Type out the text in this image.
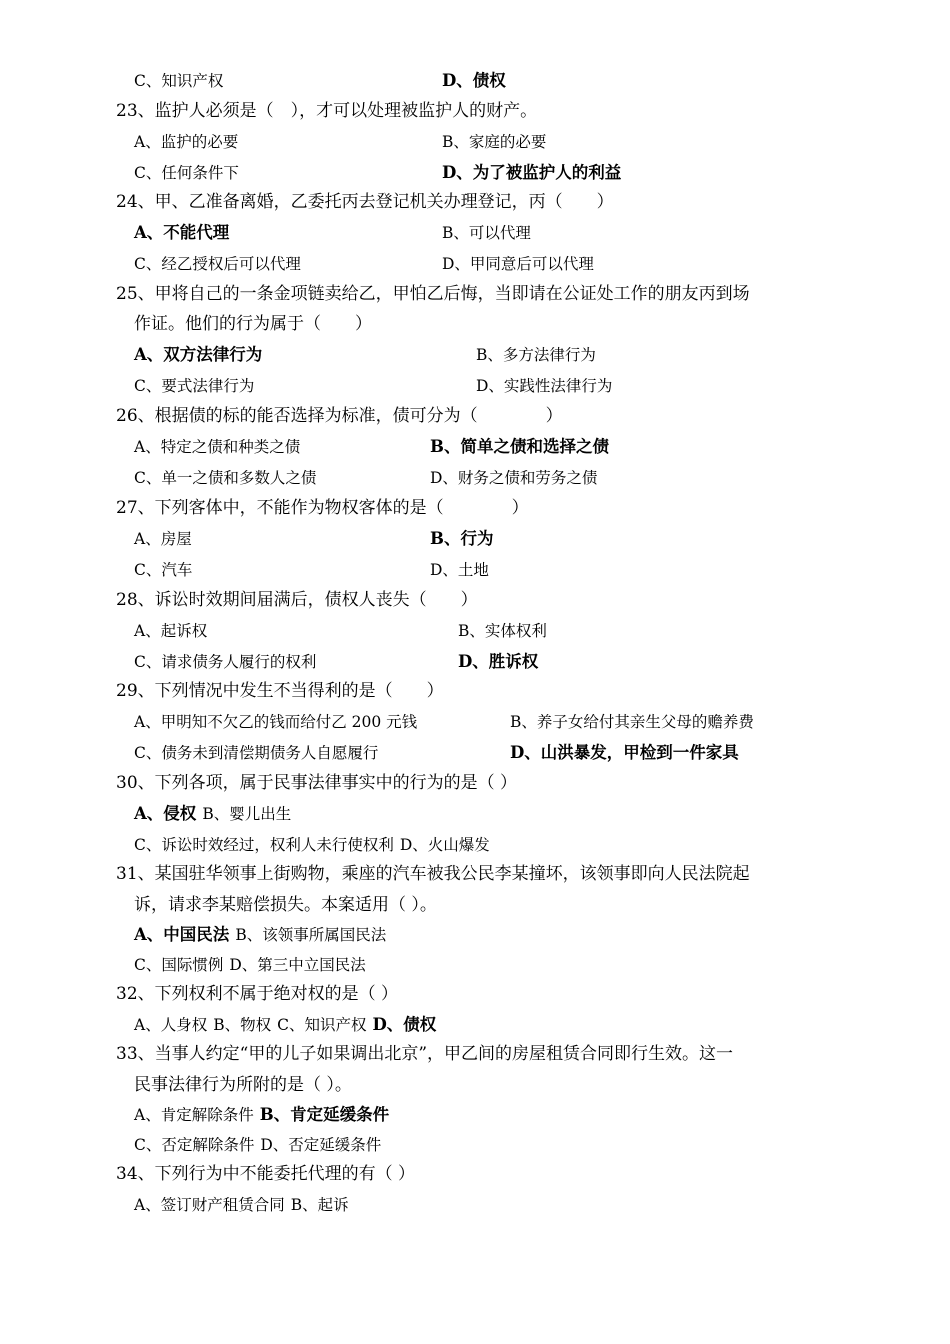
C、知识产权	D、债权
23、监护人必须是（　），才可以处理被监护人的财产。
A、监护的必要	B、家庭的必要
C、任何条件下	D、为了被监护人的利益
24、甲、乙准备离婚，乙委托丙去登记机关办理登记，丙（　　）
A、不能代理	B、可以代理
C、经乙授权后可以代理	D、甲同意后可以代理
25、甲将自己的一条金项链卖给乙，甲怕乙后悔，当即请在公证处工作的朋友丙到场
作证。他们的行为属于（　　）
A、双方法律行为	B、多方法律行为
C、要式法律行为	D、实践性法律行为
26、根据债的标的能否选择为标准，债可分为（　　　　）
A、特定之债和种类之债	B、简单之债和选择之债
C、单一之债和多数人之债	D、财务之债和劳务之债
27、下列客体中，不能作为物权客体的是（　　　　）
A、房屋	B、行为
C、汽车	D、土地
28、诉讼时效期间届满后，债权人丧失（　　）
A、起诉权	B、实体权利
C、请求债务人履行的权利	D、胜诉权
29、下列情况中发生不当得利的是（　　）
A、甲明知不欠乙的钱而给付乙 200 元钱	B、养子女给付其亲生父母的赡养费
C、债务未到清偿期债务人自愿履行	D、山洪暴发，甲检到一件家具
30、下列各项，属于民事法律事实中的行为的是（ ）
A、侵权 B、婴儿出生
C、诉讼时效经过，权利人未行使权利 D、火山爆发
31、某国驻华领事上街购物，乘座的汽车被我公民李某撞坏，该领事即向人民法院起
诉，请求李某赔偿损失。本案适用（ ）。
A、中国民法 B、该领事所属国民法
C、国际惯例 D、第三中立国民法
32、下列权利不属于绝对权的是（ ）
A、人身权 B、物权 C、知识产权 D、债权
33、当事人约定“甲的儿子如果调出北京”，甲乙间的房屋租赁合同即行生效。这一
民事法律行为所附的是（ ）。
A、肯定解除条件 B、肯定延缓条件
C、否定解除条件 D、否定延缓条件
34、下列行为中不能委托代理的有（ ）
A、签订财产租赁合同 B、起诉
